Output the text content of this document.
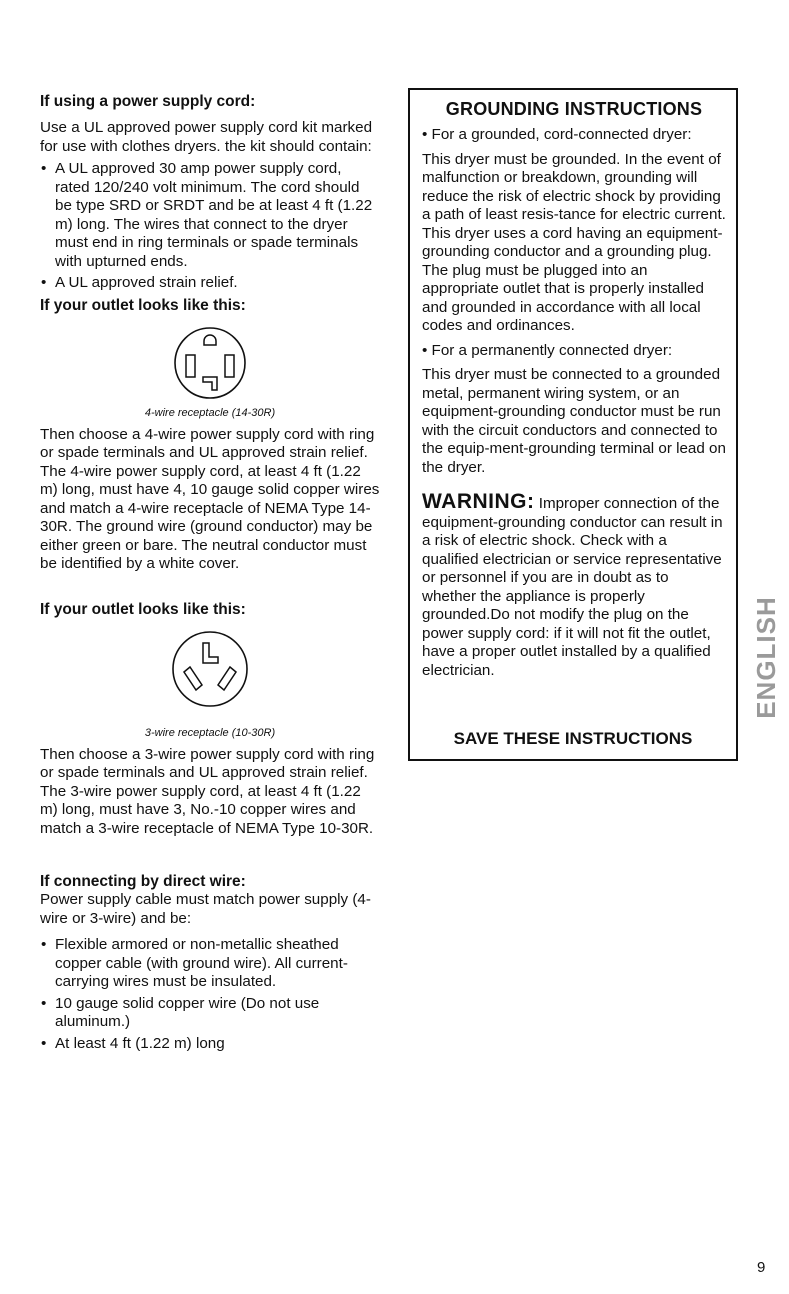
If using a power supply cord:

Use a UL approved power supply cord kit marked for use with clothes dryers. the kit should contain:

• A UL approved 30 amp power supply cord, rated 120/240 volt minimum. The cord should be type SRD or SRDT and be at least 4 ft (1.22 m) long. The wires that connect to the dryer must end in ring terminals or spade terminals with upturned ends.
• A UL approved strain relief.
If your outlet looks like this:
4-wire receptacle (14-30R)

Then choose a 4-wire power supply cord with ring or spade terminals and UL approved strain relief. The 4-wire power supply cord, at least 4 ft (1.22 m) long, must have 4, 10 gauge solid copper wires and match a 4-wire receptacle of NEMA Type 14-30R. The ground wire (ground conductor) may be either green or bare. The neutral conductor must be identified by a white cover.

If your outlet looks like this:
3-wire receptacle (10-30R)

Then choose a 3-wire power supply cord with ring or spade terminals and UL approved strain relief. The 3-wire power supply cord, at least 4 ft (1.22 m) long, must have 3, No.-10 copper wires and match a 3-wire receptacle of NEMA Type 10-30R.

If connecting by direct wire:

Power supply cable must match power supply (4-wire or 3-wire) and be:

• Flexible armored or non-metallic sheathed copper cable (with ground wire). All current-carrying wires must be insulated.
• 10 gauge solid copper wire (Do not use aluminum.)
• At least 4 ft (1.22 m) long
GROUNDING INSTRUCTIONS

• For a grounded, cord-connected dryer:

This dryer must be grounded. In the event of malfunction or breakdown, grounding will reduce the risk of electric shock by providing a path of least resis-tance for electric current. This dryer uses a cord having an equipment-grounding conductor and a grounding plug. The plug must be plugged into an appropriate outlet that is properly installed and grounded in accordance with all local codes and ordinances.

• For a permanently connected dryer:

This dryer must be connected to a grounded metal, permanent wiring system, or an equipment-grounding conductor must be run with the circuit conductors and connected to the equip-ment-grounding terminal or lead on the dryer.

WARNING: Improper connection of the equipment-grounding conductor can result in a risk of electric shock. Check with a qualified electrician or service representative or personnel if you are in doubt as to whether the appliance is properly grounded.Do not modify the plug on the power supply cord: if it will not fit the outlet, have a proper outlet installed by a qualified electrician.

SAVE THESE INSTRUCTIONS
ENGLISH
9
